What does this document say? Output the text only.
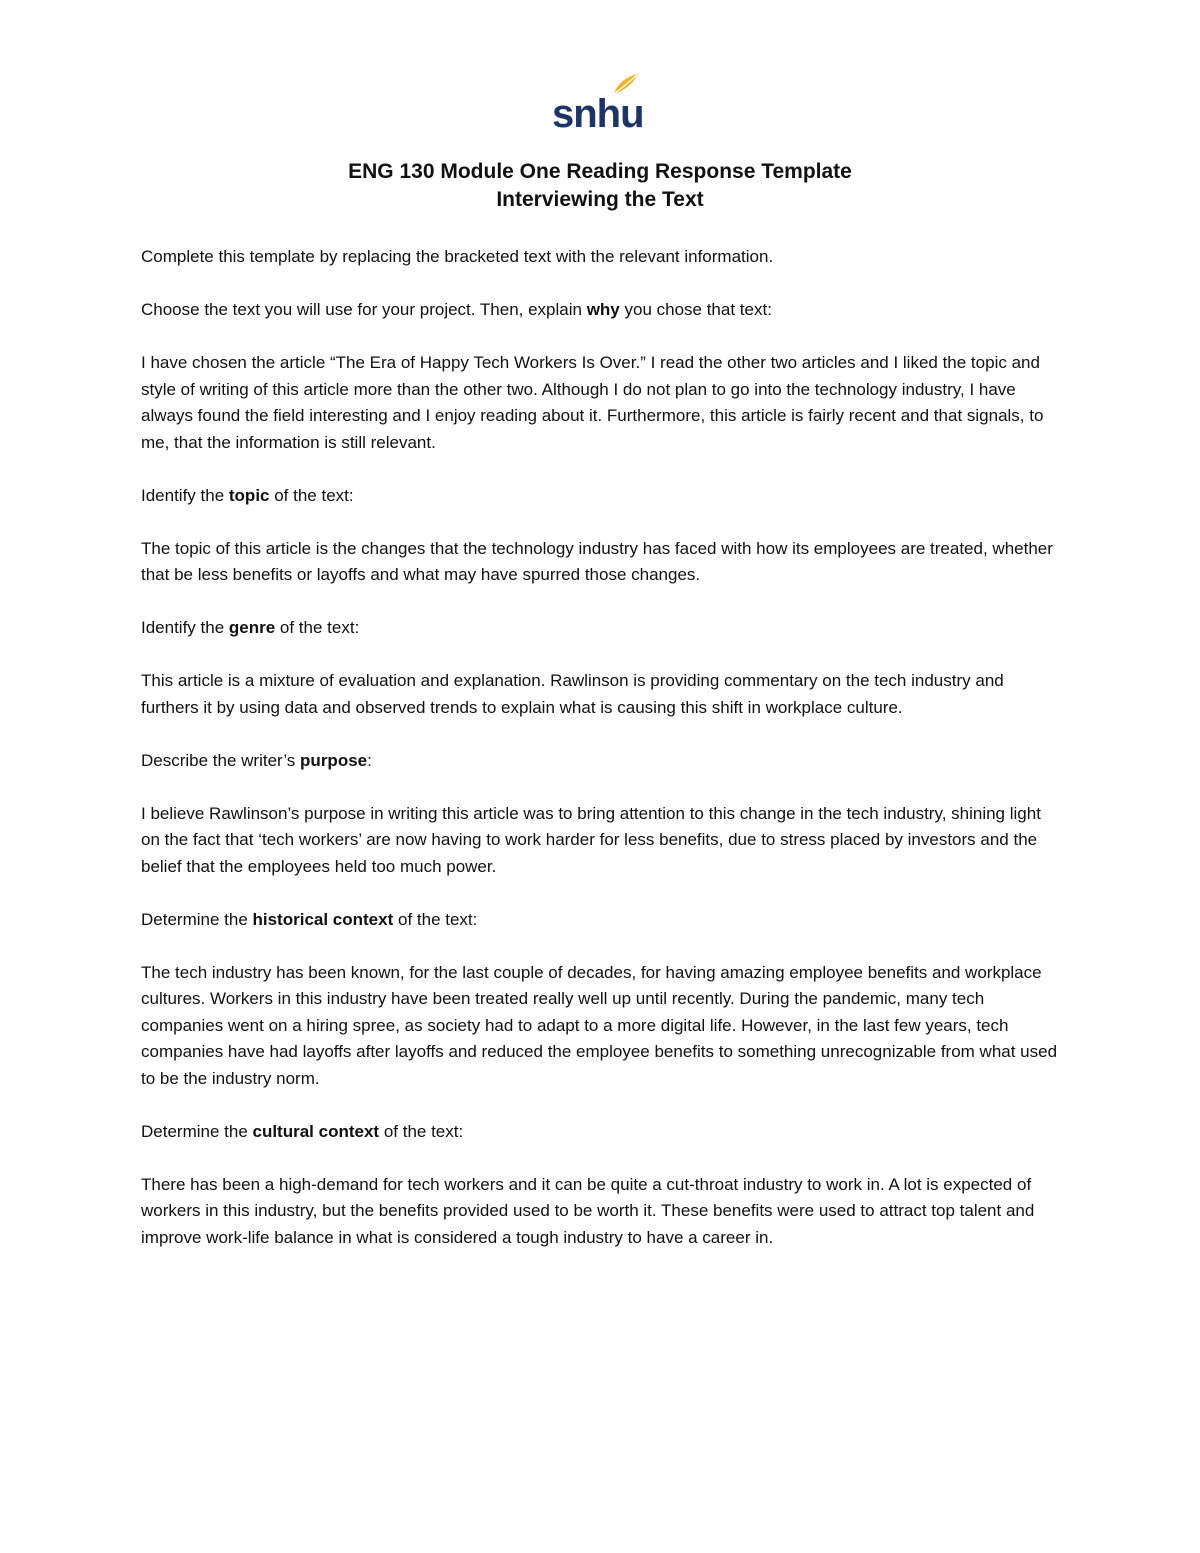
snhu
ENG 130 Module One Reading Response Template
Interviewing the Text

Complete this template by replacing the bracketed text with the relevant information.

Choose the text you will use for your project. Then, explain why you chose that text:

I have chosen the article “The Era of Happy Tech Workers Is Over.” I read the other two articles and I liked the topic and style of writing of this article more than the other two. Although I do not plan to go into the technology industry, I have always found the field interesting and I enjoy reading about it. Furthermore, this article is fairly recent and that signals, to me, that the information is still relevant.

Identify the topic of the text:

The topic of this article is the changes that the technology industry has faced with how its employees are treated, whether that be less benefits or layoffs and what may have spurred those changes.

Identify the genre of the text:

This article is a mixture of evaluation and explanation. Rawlinson is providing commentary on the tech industry and furthers it by using data and observed trends to explain what is causing this shift in workplace culture.

Describe the writer’s purpose:

I believe Rawlinson’s purpose in writing this article was to bring attention to this change in the tech industry, shining light on the fact that ‘tech workers’ are now having to work harder for less benefits, due to stress placed by investors and the belief that the employees held too much power.

Determine the historical context of the text:

The tech industry has been known, for the last couple of decades, for having amazing employee benefits and workplace cultures. Workers in this industry have been treated really well up until recently. During the pandemic, many tech companies went on a hiring spree, as society had to adapt to a more digital life. However, in the last few years, tech companies have had layoffs after layoffs and reduced the employee benefits to something unrecognizable from what used to be the industry norm.

Determine the cultural context of the text:

There has been a high-demand for tech workers and it can be quite a cut-throat industry to work in. A lot is expected of workers in this industry, but the benefits provided used to be worth it. These benefits were used to attract top talent and improve work-life balance in what is considered a tough industry to have a career in.
